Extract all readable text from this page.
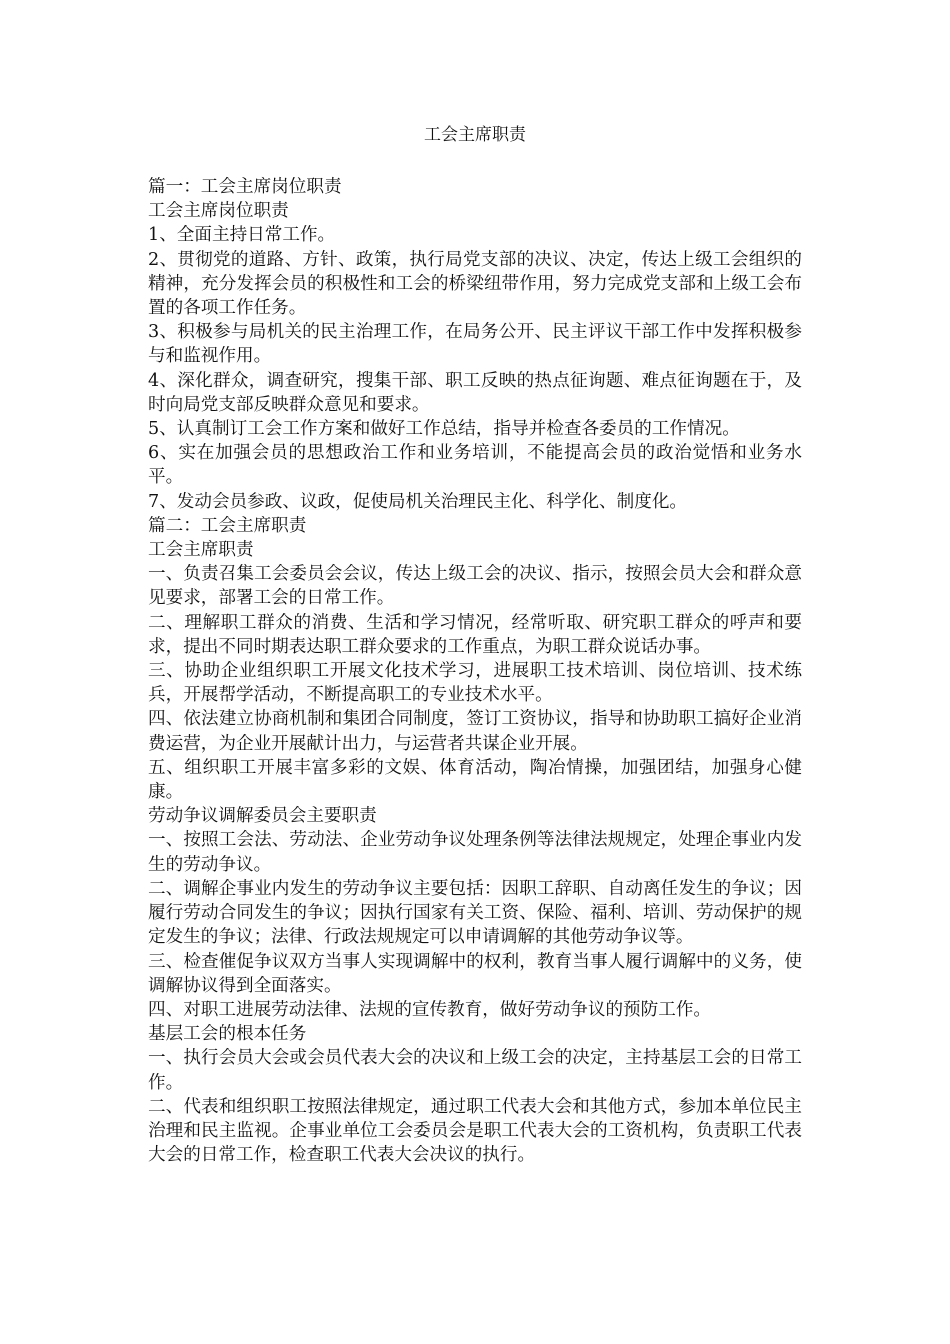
工会主席职责

篇一：工会主席岗位职责

工会主席岗位职责

1、全面主持日常工作。

2、贯彻党的道路、方针、政策，执行局党支部的决议、决定，传达上级工会组织的精神，充分发挥会员的积极性和工会的桥梁纽带作用，努力完成党支部和上级工会布置的各项工作任务。

3、积极参与局机关的民主治理工作，在局务公开、民主评议干部工作中发挥积极参与和监视作用。

4、深化群众，调查研究，搜集干部、职工反映的热点征询题、难点征询题在于，及时向局党支部反映群众意见和要求。

5、认真制订工会工作方案和做好工作总结，指导并检查各委员的工作情况。

6、实在加强会员的思想政治工作和业务培训，不能提高会员的政治觉悟和业务水平。

7、发动会员参政、议政，促使局机关治理民主化、科学化、制度化。

篇二：工会主席职责

工会主席职责

一、负责召集工会委员会会议，传达上级工会的决议、指示，按照会员大会和群众意见要求，部署工会的日常工作。

二、理解职工群众的消费、生活和学习情况，经常听取、研究职工群众的呼声和要求，提出不同时期表达职工群众要求的工作重点，为职工群众说话办事。

三、协助企业组织职工开展文化技术学习，进展职工技术培训、岗位培训、技术练兵，开展帮学活动，不断提高职工的专业技术水平。

四、依法建立协商机制和集团合同制度，签订工资协议，指导和协助职工搞好企业消费运营，为企业开展献计出力，与运营者共谋企业开展。

五、组织职工开展丰富多彩的文娱、体育活动，陶冶情操，加强团结，加强身心健康。

劳动争议调解委员会主要职责

一、按照工会法、劳动法、企业劳动争议处理条例等法律法规规定，处理企事业内发生的劳动争议。

二、调解企事业内发生的劳动争议主要包括：因职工辞职、自动离任发生的争议；因履行劳动合同发生的争议；因执行国家有关工资、保险、福利、培训、劳动保护的规定发生的争议；法律、行政法规规定可以申请调解的其他劳动争议等。

三、检查催促争议双方当事人实现调解中的权利，教育当事人履行调解中的义务，使调解协议得到全面落实。

四、对职工进展劳动法律、法规的宣传教育，做好劳动争议的预防工作。

基层工会的根本任务

一、执行会员大会或会员代表大会的决议和上级工会的决定，主持基层工会的日常工作。

二、代表和组织职工按照法律规定，通过职工代表大会和其他方式，参加本单位民主治理和民主监视。企事业单位工会委员会是职工代表大会的工资机构，负责职工代表大会的日常工作，检查职工代表大会决议的执行。
